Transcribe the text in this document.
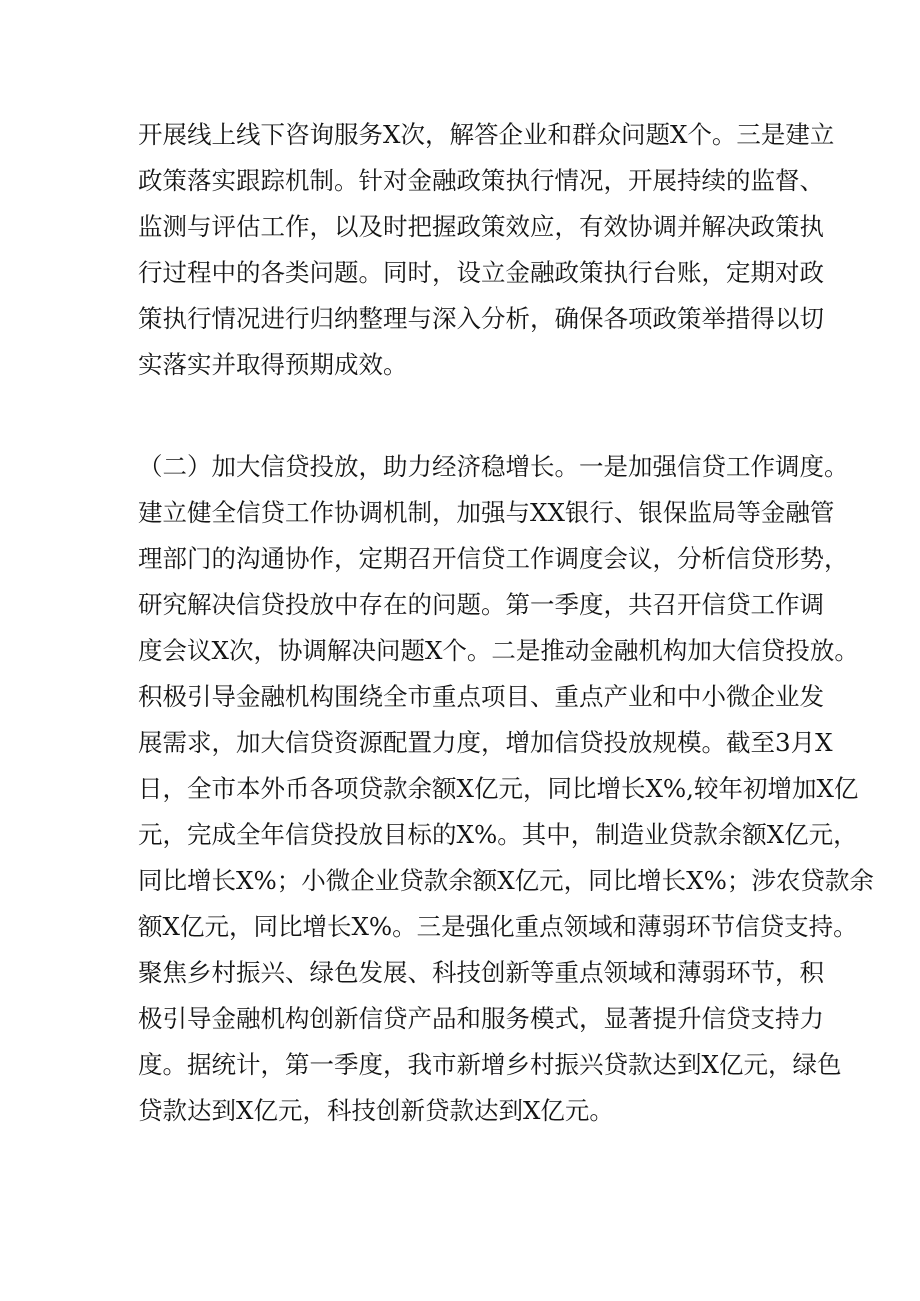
开展线上线下咨询服务X次，解答企业和群众问题X个。三是建立
政策落实跟踪机制。针对金融政策执行情况，开展持续的监督、
监测与评估工作，以及时把握政策效应，有效协调并解决政策执
行过程中的各类问题。同时，设立金融政策执行台账，定期对政
策执行情况进行归纳整理与深入分析，确保各项政策举措得以切
实落实并取得预期成效。
（二）加大信贷投放，助力经济稳增长。一是加强信贷工作调度。
建立健全信贷工作协调机制，加强与XX银行、银保监局等金融管
理部门的沟通协作，定期召开信贷工作调度会议，分析信贷形势，
研究解决信贷投放中存在的问题。第一季度，共召开信贷工作调
度会议X次，协调解决问题X个。二是推动金融机构加大信贷投放。
积极引导金融机构围绕全市重点项目、重点产业和中小微企业发
展需求，加大信贷资源配置力度，增加信贷投放规模。截至3月X
日，全市本外币各项贷款余额X亿元，同比增长X%,较年初增加X亿
元，完成全年信贷投放目标的X%。其中，制造业贷款余额X亿元，
同比增长X%；小微企业贷款余额X亿元，同比增长X%；涉农贷款余
额X亿元，同比增长X%。三是强化重点领域和薄弱环节信贷支持。
聚焦乡村振兴、绿色发展、科技创新等重点领域和薄弱环节，积
极引导金融机构创新信贷产品和服务模式，显著提升信贷支持力
度。据统计，第一季度，我市新增乡村振兴贷款达到X亿元，绿色
贷款达到X亿元，科技创新贷款达到X亿元。
